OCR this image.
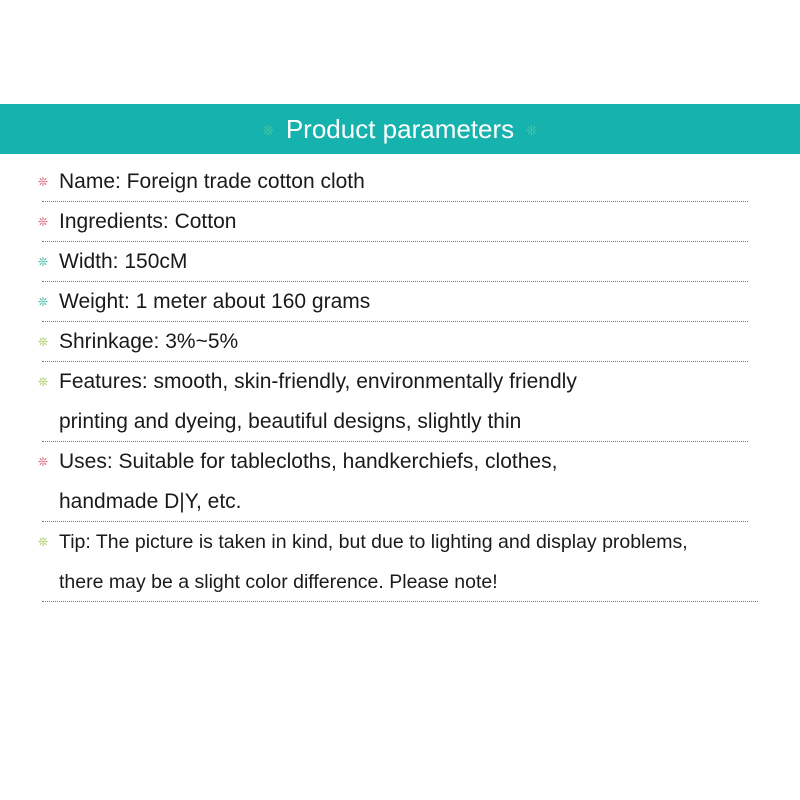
❊ Product parameters ❊
❊ Name: Foreign trade cotton cloth
❊ Ingredients: Cotton
❊ Width: 150cM
❊ Weight: 1 meter about 160 grams
❊ Shrinkage: 3%~5%
❊ Features: smooth, skin-friendly, environmentally friendly
printing and dyeing, beautiful designs, slightly thin
❊ Uses: Suitable for tablecloths, handkerchiefs, clothes,
handmade D|Y, etc.
❊ Tip: The picture is taken in kind, but due to lighting and display problems,
there may be a slight color difference. Please note!
